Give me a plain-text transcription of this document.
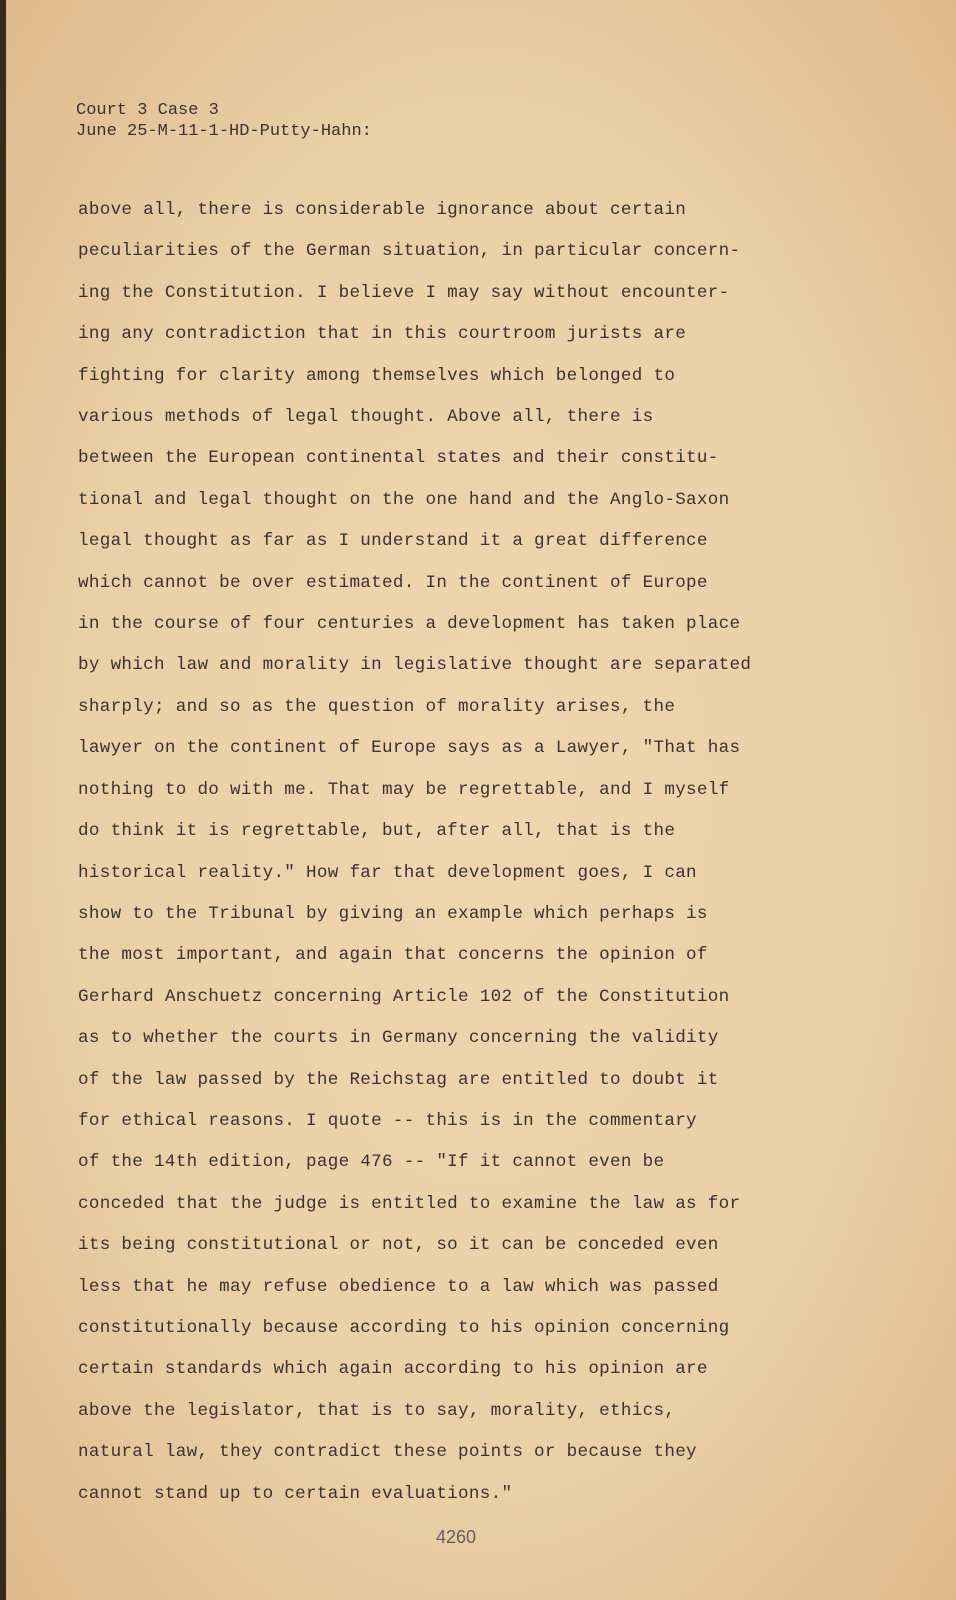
Court 3 Case 3
June 25-M-11-1-HD-Putty-Hahn:
above all, there is considerable ignorance about certain
peculiarities of the German situation, in particular concern-
ing the Constitution. I believe I may say without encounter-
ing any contradiction that in this courtroom jurists are
fighting for clarity among themselves which belonged to
various methods of legal thought. Above all, there is
between the European continental states and their constitu-
tional and legal thought on the one hand and the Anglo-Saxon
legal thought as far as I understand it a great difference
which cannot be over estimated. In the continent of Europe
in the course of four centuries a development has taken place
by which law and morality in legislative thought are separated
sharply; and so as the question of morality arises, the
lawyer on the continent of Europe says as a Lawyer, "That has
nothing to do with me. That may be regrettable, and I myself
do think it is regrettable, but, after all, that is the
historical reality." How far that development goes, I can
show to the Tribunal by giving an example which perhaps is
the most important, and again that concerns the opinion of
Gerhard Anschuetz concerning Article 102 of the Constitution
as to whether the courts in Germany concerning the validity
of the law passed by the Reichstag are entitled to doubt it
for ethical reasons. I quote -- this is in the commentary
of the 14th edition, page 476 -- "If it cannot even be
conceded that the judge is entitled to examine the law as for
its being constitutional or not, so it can be conceded even
less that he may refuse obedience to a law which was passed
constitutionally because according to his opinion concerning
certain standards which again according to his opinion are
above the legislator, that is to say, morality, ethics,
natural law, they contradict these points or because they
cannot stand up to certain evaluations."
4260
